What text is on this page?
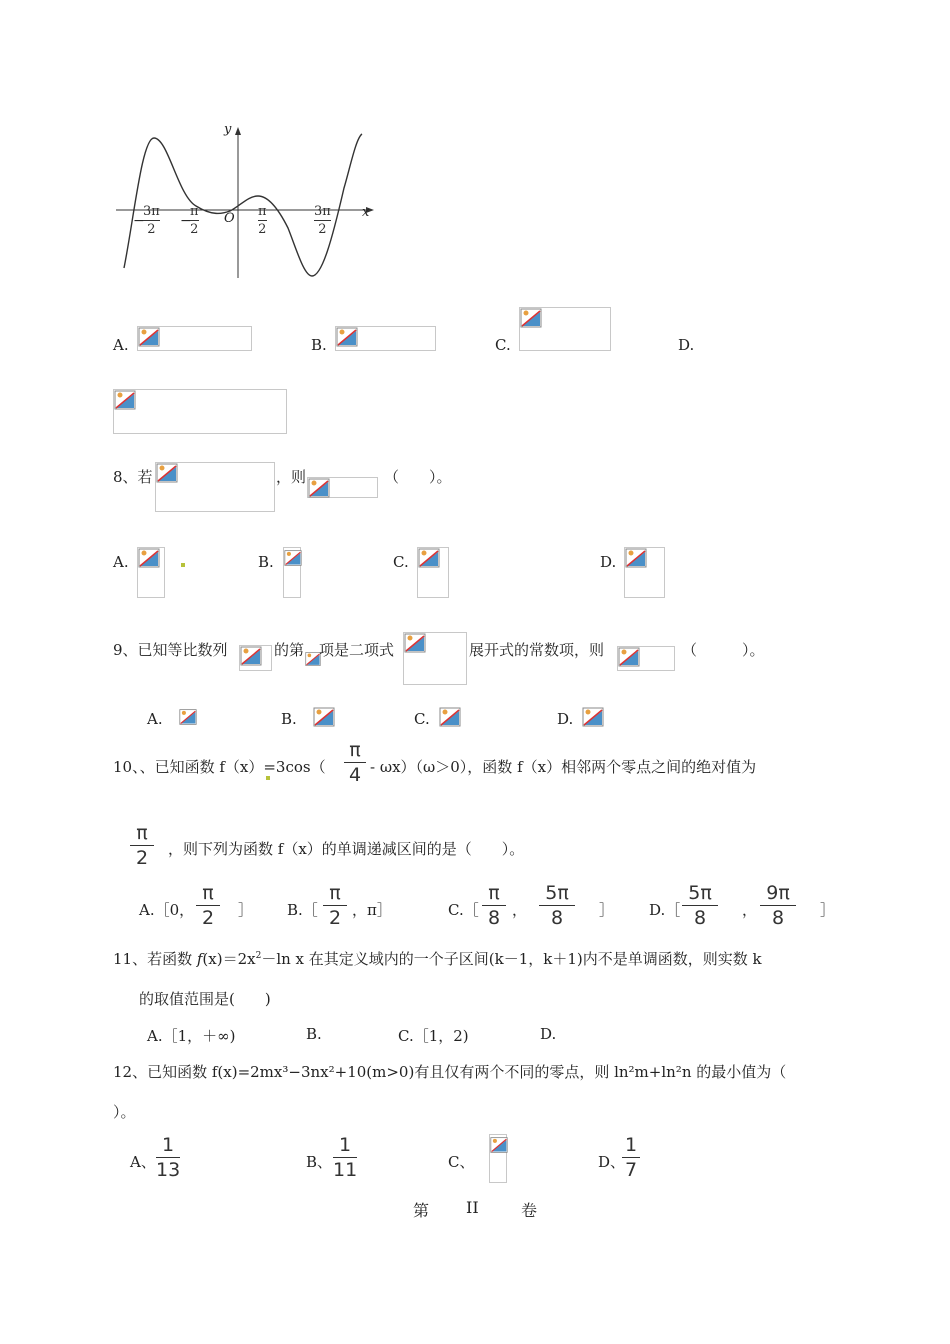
y
x
O
−
3π
2
−
π
2
π
2
3π
2
A.	B.	C.	D.
8、若	，则	（　　）。
A.	B.	C.	D.
9、已知等比数列	的第 项是二项式	展开式的常数项，则	（　　　）。
A.	B.	C.	D.
10、、已知函数 f（x）=3cos（
π
4 - ωx）（ω＞0），函数 f（x）相邻两个零点之间的绝对值为
π
2	，则下列为函数 f（x）的单调递减区间的是（　　）。
A.［0，
π
2	］ B.［
π
2 ，π］	C.［
π
8 ，
5π
8	］ D.［
5π
8	，
9π
8	］
11、若函数 $f(x)=2x^2-\ln$ x 在其定义域内的一个子区间(k－1，k＋1)内不是单调函数，则实数 k
的取值范围是(　　)
A.［1，＋∞)	B.	C.［1，2)	D.
12、已知函数 f(x)=2mx³−3nx²+10(m>0)有且仅有两个不同的零点，则 ln²m+ln²n 的最小值为（
）。
A、
1
13	B、
1
11	C、	D、
1
7
第 II	卷
